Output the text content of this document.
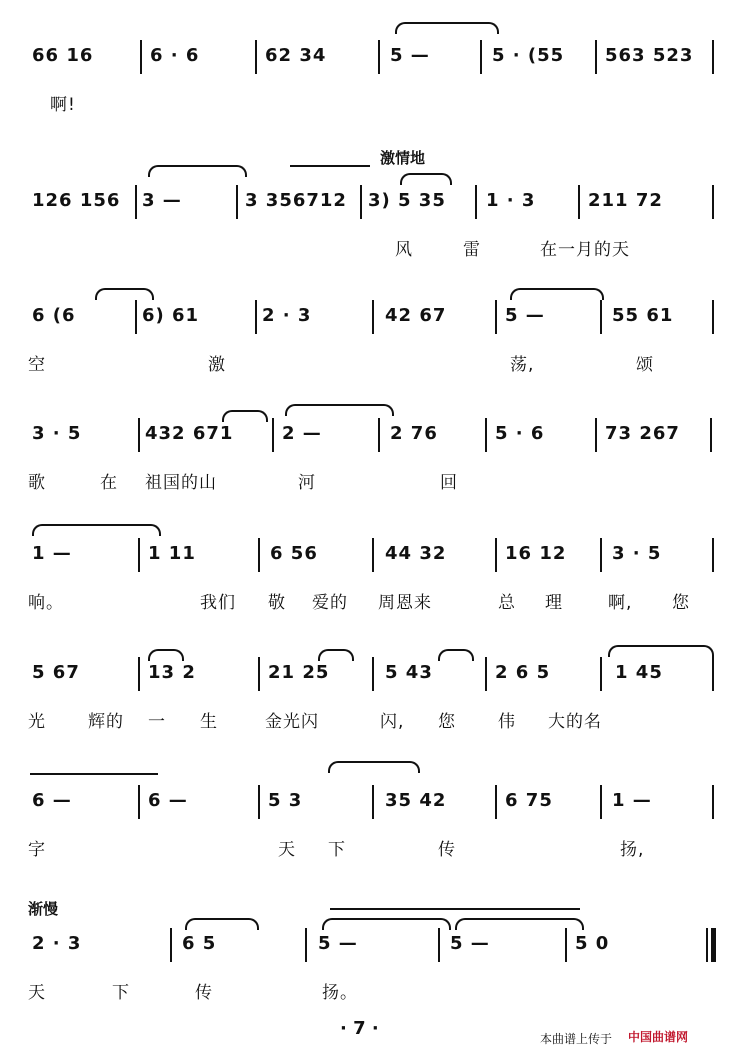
66 16	6 · 6	62 34	5 —	5 · (55 563 523
啊!
激情地
126 156 3 —	3 356712 3) 5 35 1 · 3	211 72
风	雷	在一月的天
6 (6	6) 61	2 · 3	42 67	5 —	55 61
空	激	荡,	颂
3 · 5	432 671	2 —	2 76	5 · 6	73 267
歌	在 祖国的山	河	回
1 —	1 11	6 56	44 32	16 12	3 · 5
响。	我们 敬 爱的 周恩来	总 理	啊, 您
5 67	13 2	21 25	5 43	2 6 5	1 45
光 辉的 一 生	金光闪	闪, 您 伟 大的名
6 —	6 —	5 3	35 42	6 75	1 —
字	天 下	传	扬,
渐慢
2 · 3	6 5	5 —	5 —	5 0
天	下	传	扬。
· 7 ·	本曲谱上传于 中国曲谱网
